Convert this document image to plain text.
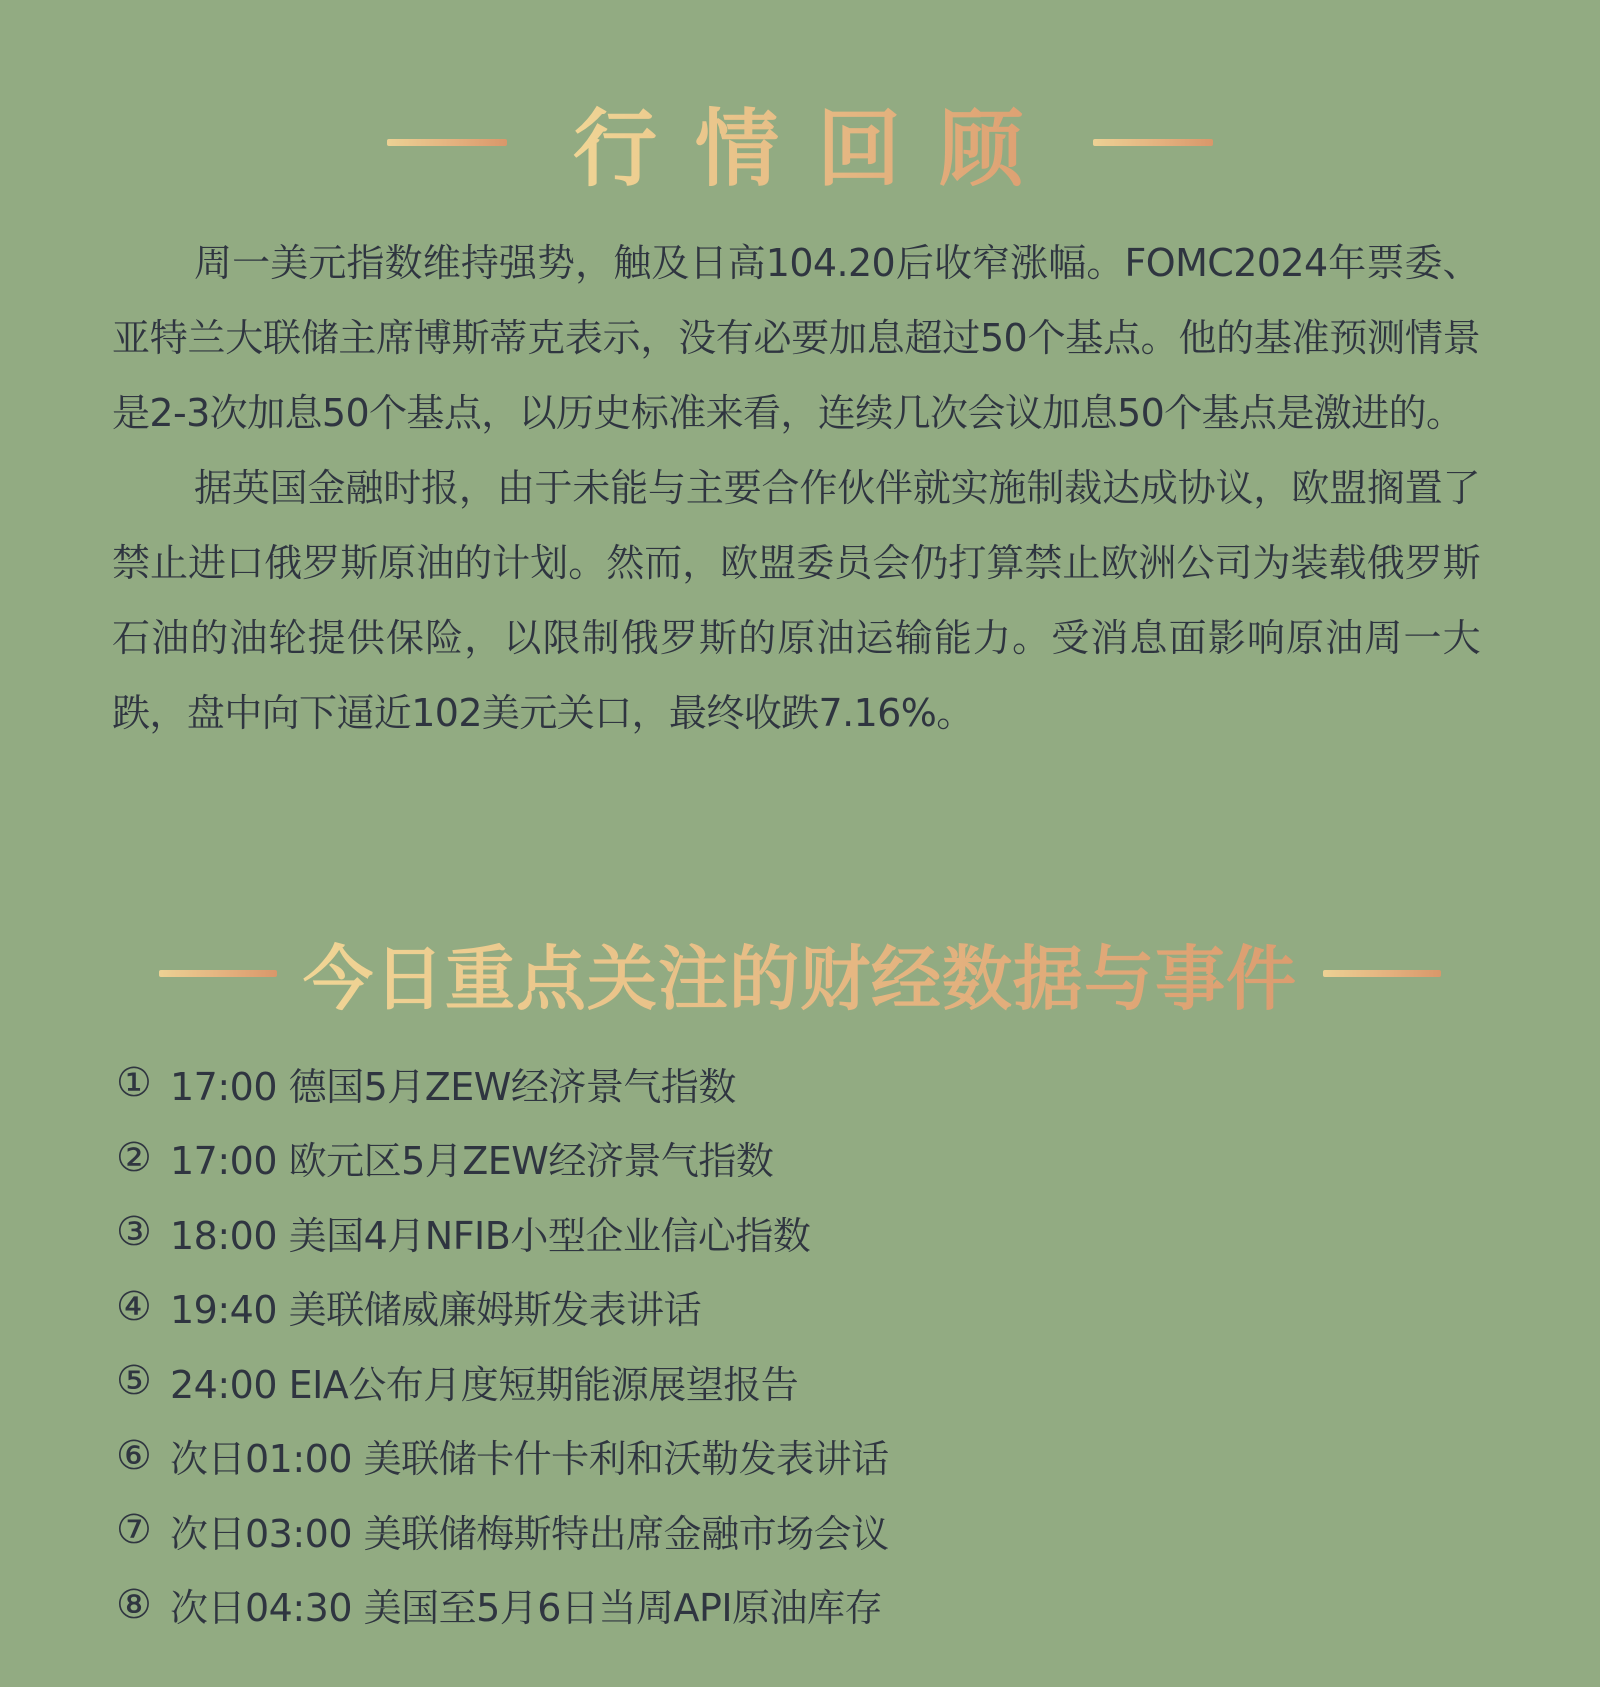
行情回顾

周一美元指数维持强势，触及日高104.20后收窄涨幅。FOMC2024年票委、亚特兰大联储主席博斯蒂克表示，没有必要加息超过50个基点。他的基准预测情景是2-3次加息50个基点，以历史标准来看，连续几次会议加息50个基点是激进的。

据英国金融时报，由于未能与主要合作伙伴就实施制裁达成协议，欧盟搁置了禁止进口俄罗斯原油的计划。然而，欧盟委员会仍打算禁止欧洲公司为装载俄罗斯石油的油轮提供保险，以限制俄罗斯的原油运输能力。受消息面影响原油周一大跌，盘中向下逼近102美元关口，最终收跌7.16%。

今日重点关注的财经数据与事件
① 17:00 德国5月ZEW经济景气指数
② 17:00 欧元区5月ZEW经济景气指数
③ 18:00 美国4月NFIB小型企业信心指数
④ 19:40 美联储威廉姆斯发表讲话
⑤ 24:00 EIA公布月度短期能源展望报告
⑥ 次日01:00 美联储卡什卡利和沃勒发表讲话
⑦ 次日03:00 美联储梅斯特出席金融市场会议
⑧ 次日04:30 美国至5月6日当周API原油库存
